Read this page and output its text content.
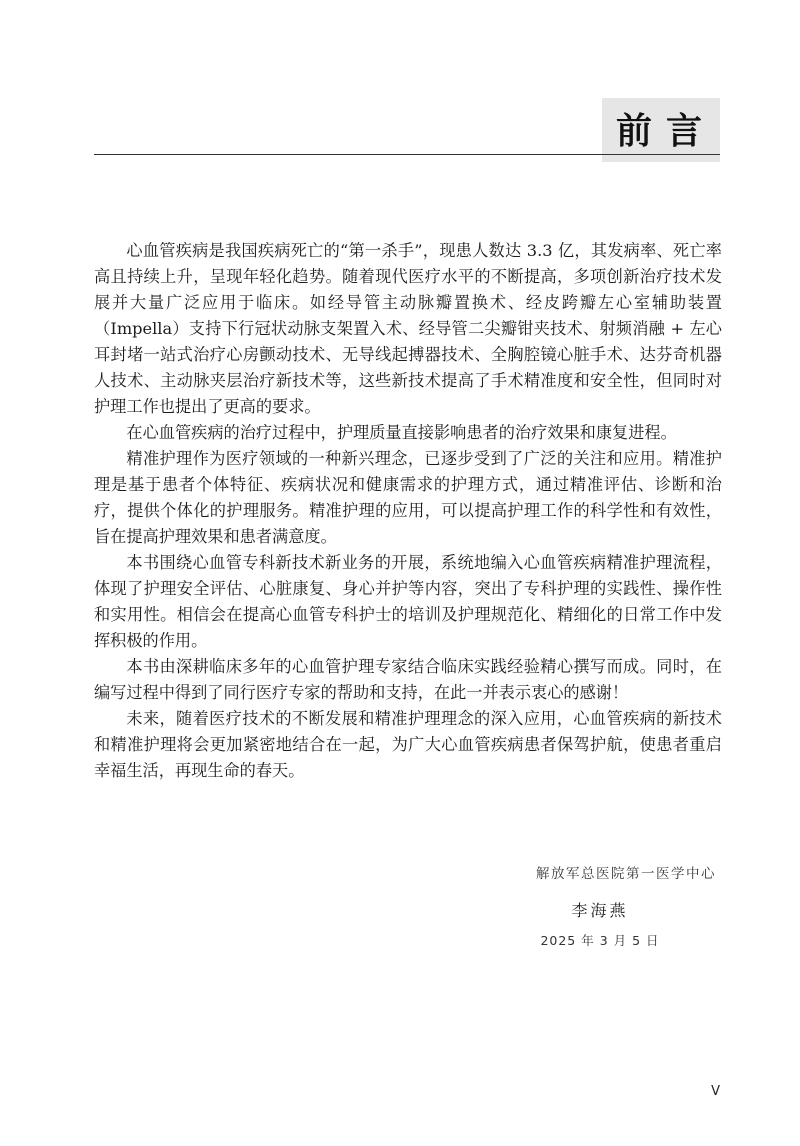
前言

心血管疾病是我国疾病死亡的“第一杀手”，现患人数达 3.3 亿，其发病率、死亡率高且持续上升，呈现年轻化趋势。随着现代医疗水平的不断提高，多项创新治疗技术发展并大量广泛应用于临床。如经导管主动脉瓣置换术、经皮跨瓣左心室辅助装置（Impella）支持下行冠状动脉支架置入术、经导管二尖瓣钳夹技术、射频消融 + 左心耳封堵一站式治疗心房颤动技术、无导线起搏器技术、全胸腔镜心脏手术、达芬奇机器人技术、主动脉夹层治疗新技术等，这些新技术提高了手术精准度和安全性，但同时对护理工作也提出了更高的要求。

在心血管疾病的治疗过程中，护理质量直接影响患者的治疗效果和康复进程。

精准护理作为医疗领域的一种新兴理念，已逐步受到了广泛的关注和应用。精准护理是基于患者个体特征、疾病状况和健康需求的护理方式，通过精准评估、诊断和治疗，提供个体化的护理服务。精准护理的应用，可以提高护理工作的科学性和有效性，旨在提高护理效果和患者满意度。

本书围绕心血管专科新技术新业务的开展，系统地编入心血管疾病精准护理流程，体现了护理安全评估、心脏康复、身心并护等内容，突出了专科护理的实践性、操作性和实用性。相信会在提高心血管专科护士的培训及护理规范化、精细化的日常工作中发挥积极的作用。

本书由深耕临床多年的心血管护理专家结合临床实践经验精心撰写而成。同时，在编写过程中得到了同行医疗专家的帮助和支持，在此一并表示衷心的感谢！

未来，随着医疗技术的不断发展和精准护理理念的深入应用，心血管疾病的新技术和精准护理将会更加紧密地结合在一起，为广大心血管疾病患者保驾护航，使患者重启幸福生活，再现生命的春天。

解放军总医院第一医学中心
李海燕
2025 年 3 月 5 日
V
